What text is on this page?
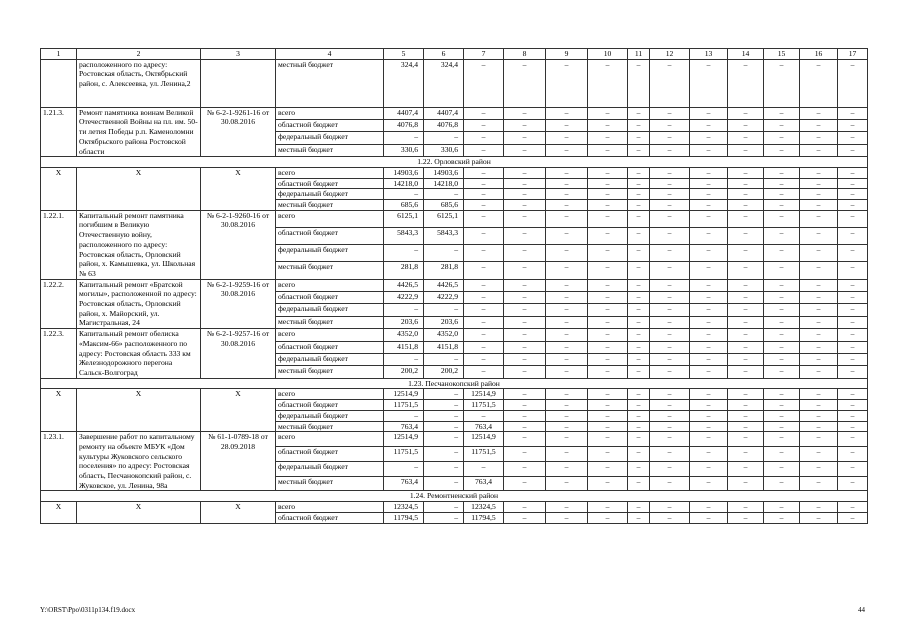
1	2	3	4	5	6	7	8	9	10	11	12	13	14	15	16	17
	расположенного по адресу: Ростовская область, Октябрьский район, с. Алексеевка, ул. Ленина,2		местный бюджет	324,4	324,4	–	–	–	–	–	–	–	–	–	–	–
1.21.3.	Ремонт памятника воинам Великой Отечественной Войны на пл. им. 50-ти летия Победы р.п. Каменоломни Октябрьского района Ростовской области	№ 6-2-1-9261-16 от 30.08.2016	всего	4407,4	4407,4	–	–	–	–	–	–	–	–	–	–	–
			областной бюджет	4076,8	4076,8	–	–	–	–	–	–	–	–	–	–	–
			федеральный бюджет	–	–	–	–	–	–	–	–	–	–	–	–	–
			местный бюджет	330,6	330,6	–	–	–	–	–	–	–	–	–	–	–
1.22. Орловский район																
Х	Х	Х	всего	14903,6	14903,6	–	–	–	–	–	–	–	–	–	–	–
			областной бюджет	14218,0	14218,0	–	–	–	–	–	–	–	–	–	–	–
			федеральный бюджет	–	–	–	–	–	–	–	–	–	–	–	–	–
			местный бюджет	685,6	685,6	–	–	–	–	–	–	–	–	–	–	–
1.22.1.	Капитальный ремонт памятника погибшим в Великую Отечественную войну, расположенного по адресу: Ростовская область, Орловский район, х. Камышевка, ул. Школьная № 63	№ 6-2-1-9260-16 от 30.08.2016	всего	6125,1	6125,1	–	–	–	–	–	–	–	–	–	–	–
			областной бюджет	5843,3	5843,3	–	–	–	–	–	–	–	–	–	–	–
			федеральный бюджет	–	–	–	–	–	–	–	–	–	–	–	–	–
			местный бюджет	281,8	281,8	–	–	–	–	–	–	–	–	–	–	–
1.22.2.	Капитальный ремонт «Братской могилы», расположенной по адресу: Ростовская область, Орловский район, х. Майорский, ул. Магистральная, 24	№ 6-2-1-9259-16 от 30.08.2016	всего	4426,5	4426,5	–	–	–	–	–	–	–	–	–	–	–
			областной бюджет	4222,9	4222,9	–	–	–	–	–	–	–	–	–	–	–
			федеральный бюджет	–	–	–	–	–	–	–	–	–	–	–	–	–
			местный бюджет	203,6	203,6	–	–	–	–	–	–	–	–	–	–	–
1.22.3.	Капитальный ремонт обелиска «Максим-66» расположенного по адресу: Ростовская область 333 км Железнодорожного перегона Сальск-Волгоград	№ 6-2-1-9257-16 от 30.08.2016	всего	4352,0	4352,0	–	–	–	–	–	–	–	–	–	–	–
			областной бюджет	4151,8	4151,8	–	–	–	–	–	–	–	–	–	–	–
			федеральный бюджет	–	–	–	–	–	–	–	–	–	–	–	–	–
			местный бюджет	200,2	200,2	–	–	–	–	–	–	–	–	–	–	–
1.23. Песчанокопский район																
Х	Х	Х	всего	12514,9	–	12514,9	–	–	–	–	–	–	–	–	–	–
			областной бюджет	11751,5	–	11751,5	–	–	–	–	–	–	–	–	–	–
			федеральный бюджет	–	–	–	–	–	–	–	–	–	–	–	–	–
			местный бюджет	763,4	–	763,4	–	–	–	–	–	–	–	–	–	–
1.23.1.	Завершение работ по капитальному ремонту на объекте МБУК «Дом культуры Жуковского сельского поселения» по адресу: Ростовская область, Песчанокопский район, с. Жуковское, ул. Ленина, 98а	№ 61-1-0789-18 от 28.09.2018	всего	12514,9	–	12514,9	–	–	–	–	–	–	–	–	–	–
			областной бюджет	11751,5	–	11751,5	–	–	–	–	–	–	–	–	–	–
			федеральный бюджет	–	–	–	–	–	–	–	–	–	–	–	–	–
			местный бюджет	763,4	–	763,4	–	–	–	–	–	–	–	–	–	–
1.24. Ремонтненский район																
Х	Х	Х	всего	12324,5	–	12324,5	–	–	–	–	–	–	–	–	–	–
			областной бюджет	11794,5	–	11794,5	–	–	–	–	–	–	–	–	–	–
Y:\ORST\Ppo\0311p134.f19.docx	44
